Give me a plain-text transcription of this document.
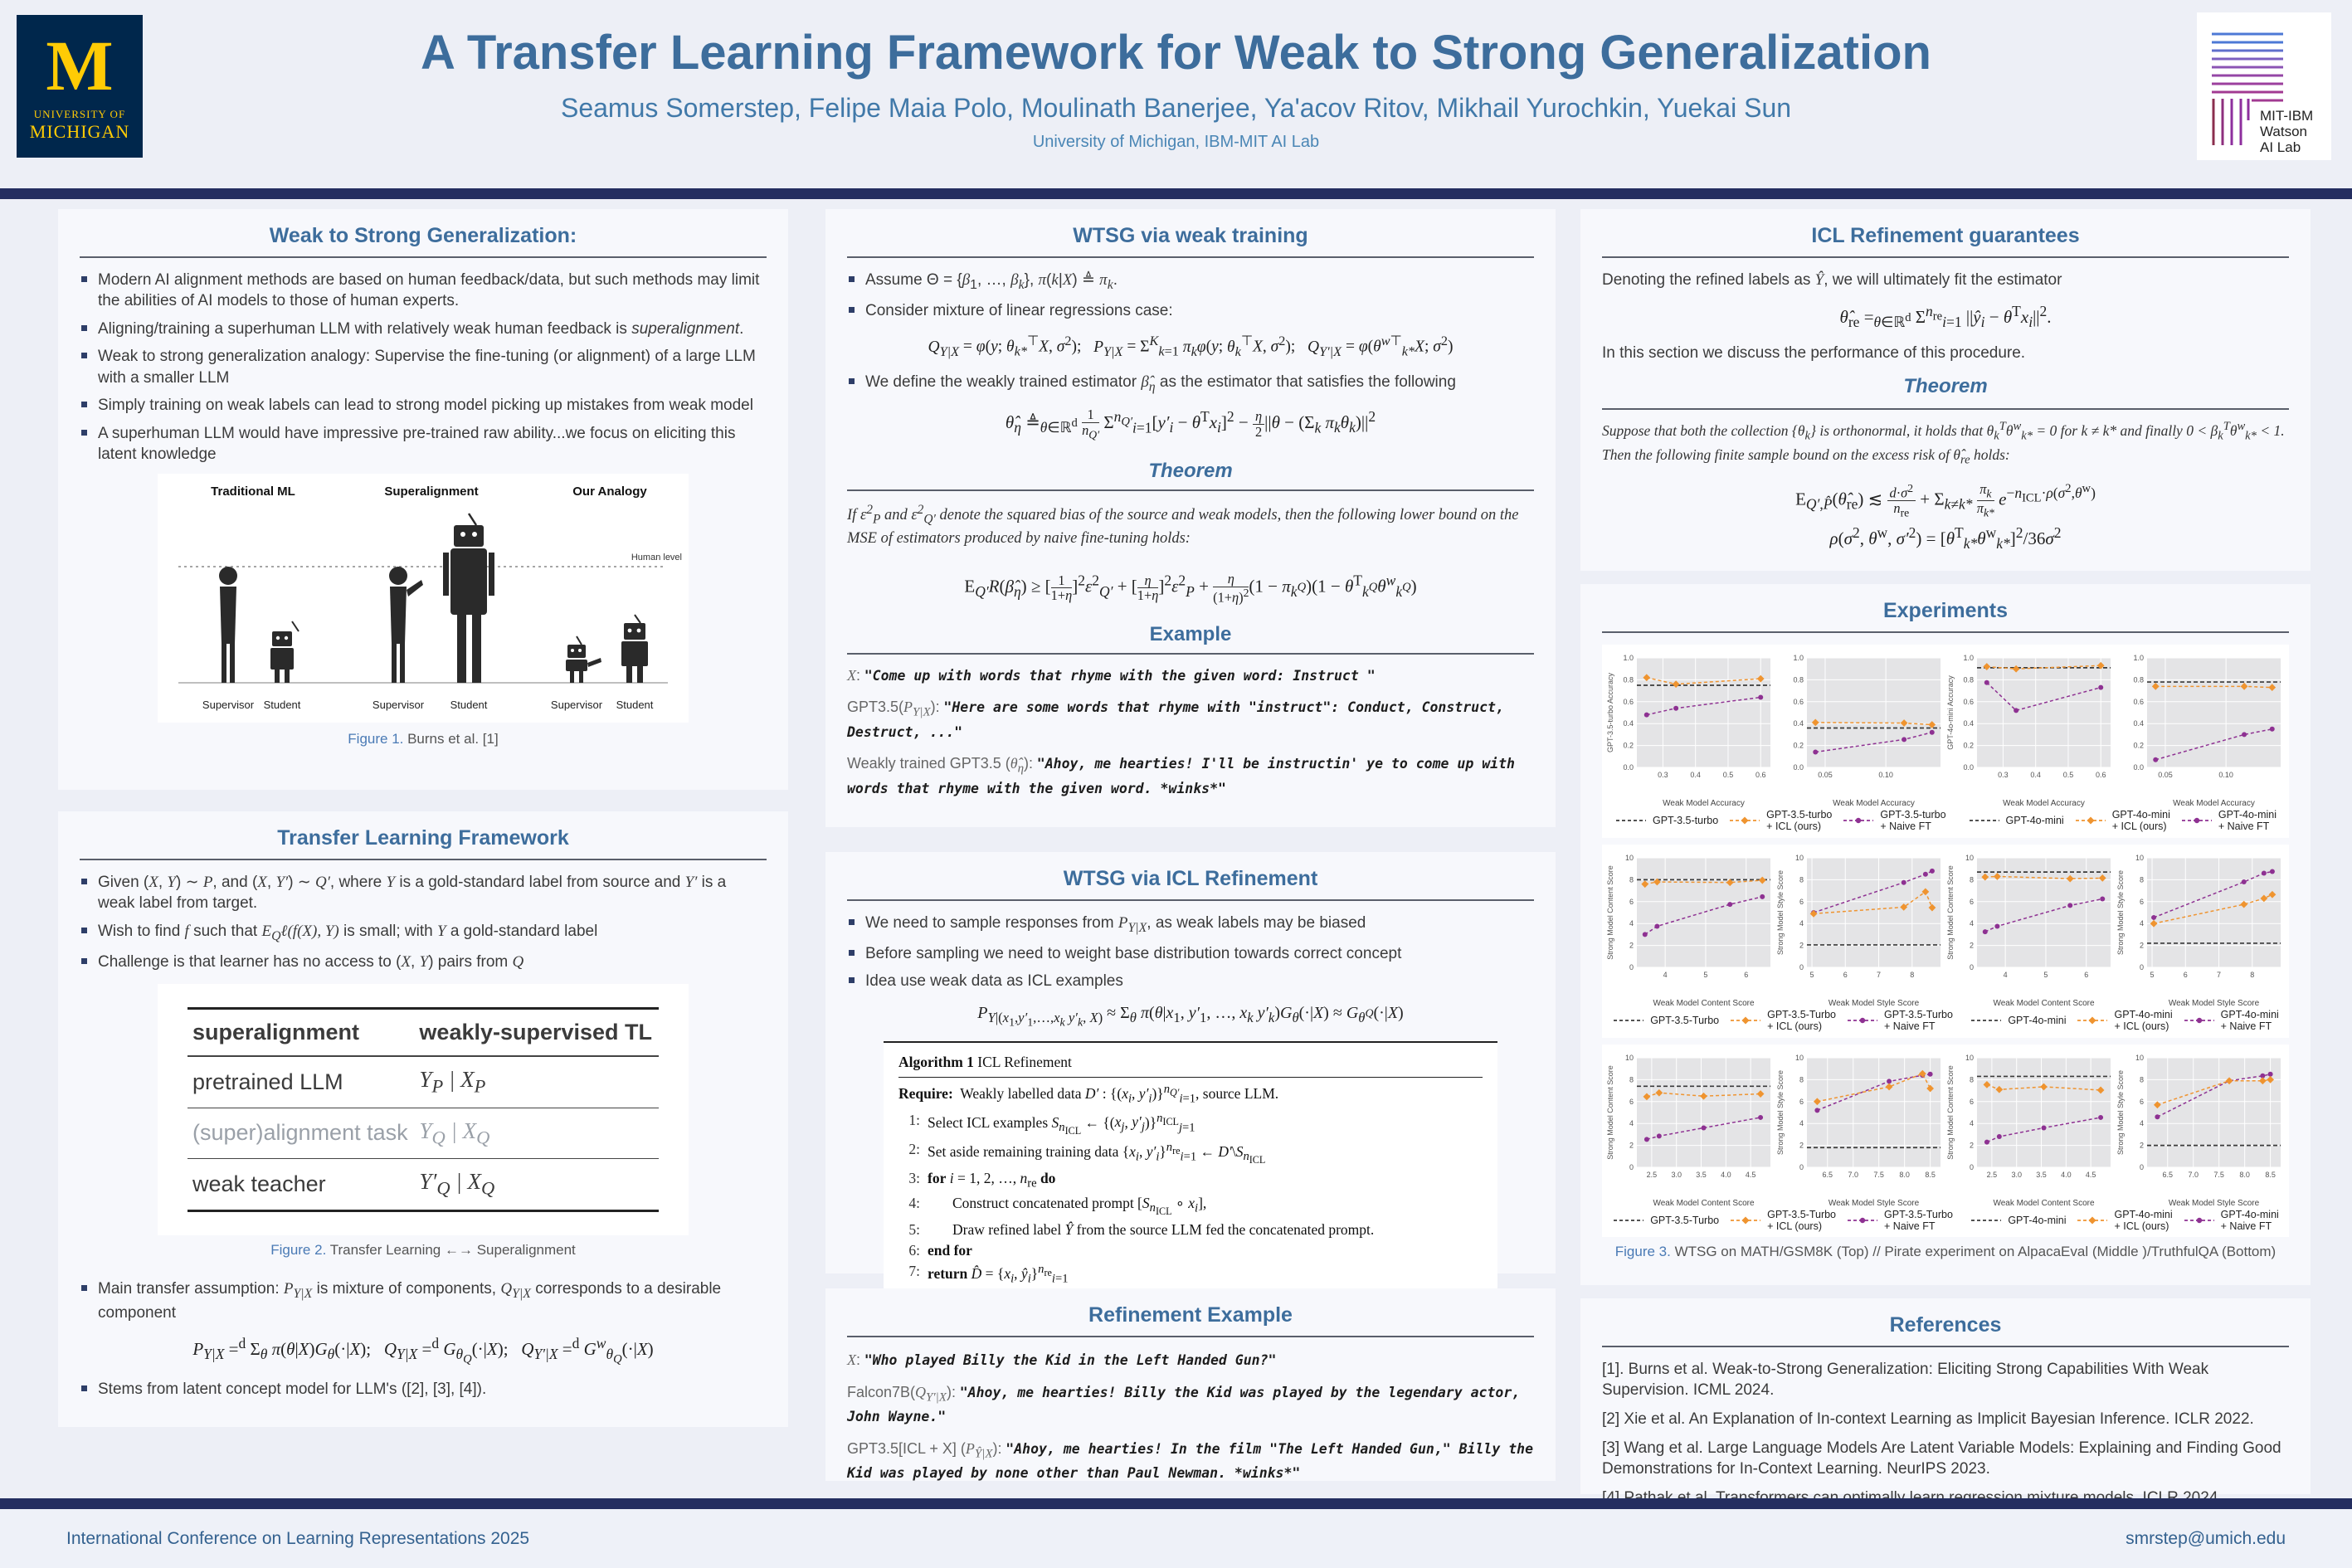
M
UNIVERSITY OF
MICHIGAN
A Transfer Learning Framework for Weak to Strong Generalization
Seamus Somerstep, Felipe Maia Polo, Moulinath Banerjee, Ya'acov Ritov, Mikhail Yurochkin, Yuekai Sun
University of Michigan, IBM-MIT AI Lab
MIT-IBM
Watson
AI Lab
Weak to Strong Generalization:
Modern AI alignment methods are based on human feedback/data, but such methods may limit the abilities of AI models to those of human experts.
Aligning/training a superhuman LLM with relatively weak human feedback is superalignment.
Weak to strong generalization analogy: Supervise the fine-tuning (or alignment) of a large LLM with a smaller LLM
Simply training on weak labels can lead to strong model picking up mistakes from weak model
A superhuman LLM would have impressive pre-trained raw ability...we focus on eliciting this latent knowledge
Traditional ML	Superalignment	Our Analogy
Human level
Supervisor Student	Supervisor Student	Supervisor Student
Figure 1. Burns et al. [1]
Transfer Learning Framework
Given (X, Y) ∼ P, and (X, Y′) ∼ Q′, where Y is a gold-standard label from source and Y′ is a weak label from target.
Wish to find f such that $E_Q\ell(f(X)$, Y) is small; with Y a gold-standard label
Challenge is that learner has no access to (X, Y) pairs from Q
superalignment	weakly-supervised TL
pretrained LLM	$Y_P$ | $X_P$
(super)alignment task	$Y_Q$ | $X_Q$
weak teacher	$Y'_Q$ | $X_Q$
Figure 2. Transfer Learning ←→ Superalignment
Main transfer assumption: $P_{Y|X}$ is mixture of components, $Q_{Y|X}$ corresponds to a desirable component
$P_{Y|X} =^d$ $\Sigma_\theta$ $\pi(\theta|X)G_\theta(\cdot|X)$;   $Q_{Y|X} =^d$ $G_{\theta_Q}(\cdot|X)$;   $Q_{Y'|X} =^d$ $G^w_{\theta_Q}(\cdot|X)$
Stems from latent concept model for LLM's ([2], [3], [4]).
WTSG via weak training
Assume $\Theta = \{\beta_1$, …, $\beta_k$}, π(k|X) ≜ $\pi_k$.
Consider mixture of linear regressions case:
$Q_{Y|X} = \varphi(y$; $\theta_{k*}^⊤X$, $\sigma^2$);   $P_{Y|X} = \Sigma^K_{k=1}$ $\pi_k\varphi(y$; $\theta_k^⊤X$, $\sigma^2$);   $Q_{Y'|X} = \varphi(\theta^{w⊤}_{k*}X$; $\sigma^2$)
We define the weakly trained estimator $\betâ_\eta$ as the estimator that satisfies the following
$\thetâ_\eta$ $≜_{\theta\in ℝ^d} \frac{1}{n_{Q'}} \Sigma^{n_{Q'}}_{i=1}[y'_i - \theta^Tx_i]^2 - \frac{\eta}{2} ||\theta - (\Sigma_k$ $\pi_k\theta_k)||^2$
Theorem
If $\varepsilon^2_P$ and $\varepsilon^2_{Q'}$ denote the squared bias of the source and weak models, then the following lower bound on the MSE of estimators produced by naive fine-tuning holds:
$E_{Q'}R(\betâ_\eta)$ ≥ [ $\frac{1}{1+\eta} ]^2\varepsilon^2_{Q'}$ + [ $\frac{\eta}{1+\eta} ]^2\varepsilon^2_P + \frac{\eta}{(1+\eta)^2} (1 - \pi_{k^Q})(1 - \theta^T_{k^Q}\theta^w_{k^Q})$
Example
X: "Come up with words that rhyme with the given word: Instruct "
$GPT3.5(P_{Y|X})$: "Here are some words that rhyme with "instruct": Conduct, Construct, Destruct, ..."
Weakly trained GPT3.5 $(\thetâ_\eta)$: "Ahoy, me hearties! I'll be instructin' ye to come up with words that rhyme with the given word. *winks*"
WTSG via ICL Refinement
We need to sample responses from $P_{Y|X}$, as weak labels may be biased
Before sampling we need to weight base distribution towards correct concept
Idea use weak data as ICL examples
$P_{Y|(x_1,y'_1,\dots,x_k y'_k, X)} \approx \Sigma_\theta$ $\pi(\theta|x_1$, $y'_1$, …, $x_k$ $y'_k)G_\theta(\cdot|X) \approx G_{\theta^Q}(\cdot|X)$
Algorithm 1 ICL Refinement
Require:  Weakly labelled data D′ : {($x_i$, $y'_i)\}^{n_{Q'}}_{i=1}$, source LLM.
1: Select ICL examples $S_{n_{ICL}}$ ← {($x_j$, $y'_j)\}^{n_{ICL}}_{j=1}$
2: Set aside remaining training data {$x_i$, $y'_i\}^{n_{re}}_{i=1}$ ← $D'\backslash S_{n_{ICL}}$
3: for i = 1, 2, …, $n_{re}$ do
4:	Construct concatenated prompt [$S_{n_{ICL}}$ ∘ $x_i$],
5:	Draw refined label Ŷ from the source LLM fed the concatenated prompt.
6: end for
7: return D̂ = {$x_i$, $ŷ_i\}^{n_{re}}_{i=1}$
Refinement Example
X: "Who played Billy the Kid in the Left Handed Gun?"
$Falcon7B(Q_{Y'|X})$: "Ahoy, me hearties! Billy the Kid was played by the legendary actor, John Wayne."
GPT3.5[ICL + X] $(P_{Ŷ|X})$: "Ahoy, me hearties! In the film "The Left Handed Gun," Billy the Kid was played by none other than Paul Newman. *winks*"
ICL Refinement guarantees
Denoting the refined labels as Ŷ, we will ultimately fit the estimator
$\thetâ_{re} =_{\theta\in ℝ^d}$ $\Sigma^{n_{re}}_{i=1}$ $||ŷ_i - \theta^Tx_i||^2$.
In this section we discuss the performance of this procedure.
Theorem
Suppose that both the collection $\{\theta_k\}$ is orthonormal, it holds that $\theta_k^T\theta^w_{k*} = 0$ for k ≠ k* and finally $0 < \beta_k^T\theta^w_{k*} < 1$. Then the following finite sample bound on the excess risk of $\thetâ_{re}$ holds:
$E_{Q',P̂}(\thetâ_{re})$ ≲ $\frac{d\cdot\sigma^2}{n_{re}} + \Sigma_{k\ne k*} \frac{\pi_k}{\pi_{k*}} e^{-n_{ICL}\cdot\rho(\sigma^2,\theta^w)}$
$\rho(\sigma^2$, $\theta^w$, $\sigma'^2) = [\theta^T_{k*}\theta^w_{k*}]^2/36\sigma^2$
Experiments
0.0
0.2
0.4
0.6
0.8
1.0
0.3	0.4	0.5	0.6
GPT-3.5-turbo Accuracy
Weak Model Accuracy
0.0
0.2
0.4
0.6
0.8
1.0
0.05	0.10
Weak Model Accuracy
0.0
0.2
0.4
0.6
0.8
1.0
0.3	0.4	0.5	0.6
GPT-4o-mini Accuracy
Weak Model Accuracy
0.0
0.2
0.4
0.6
0.8
1.0
0.05	0.10
Weak Model Accuracy
GPT-3.5-turbo
GPT-3.5-turbo
+ ICL (ours)
GPT-3.5-turbo
+ Naive FT
GPT-4o-mini
GPT-4o-mini
+ ICL (ours)
GPT-4o-mini
+ Naive FT
0
2
4
6
8
10
4	5	6
Strong Model Content Score
Weak Model Content Score
0
2
4
6
8
10
5	6	7	8
Strong Model Style Score
Weak Model Style Score
0
2
4
6
8
10
4	5	6
Strong Model Content Score
Weak Model Content Score
0
2
4
6
8
10
5	6	7	8
Strong Model Style Score
Weak Model Style Score
GPT-3.5-Turbo
GPT-3.5-Turbo
+ ICL (ours)
GPT-3.5-Turbo
+ Naive FT
GPT-4o-mini
GPT-4o-mini
+ ICL (ours)
GPT-4o-mini
+ Naive FT
0
2
4
6
8
10
2.5 3.0 3.5 4.0 4.5
Strong Model Content Score
Weak Model Content Score
0
2
4
6
8
10
6.5 7.0 7.5 8.0 8.5
Strong Model Style Score
Weak Model Style Score
0
2
4
6
8
10
2.5 3.0 3.5 4.0 4.5
Strong Model Content Score
Weak Model Content Score
0
2
4
6
8
10
6.5 7.0 7.5 8.0 8.5
Strong Model Style Score
Weak Model Style Score
GPT-3.5-Turbo
GPT-3.5-Turbo
+ ICL (ours)
GPT-3.5-Turbo
+ Naive FT
GPT-4o-mini
GPT-4o-mini
+ ICL (ours)
GPT-4o-mini
+ Naive FT
Figure 3. WTSG on MATH/GSM8K (Top) // Pirate experiment on AlpacaEval (Middle )/TruthfulQA (Bottom)
References

[1]. Burns et al. Weak-to-Strong Generalization: Eliciting Strong Capabilities With Weak Supervision. ICML 2024.

[2] Xie et al. An Explanation of In-context Learning as Implicit Bayesian Inference. ICLR 2022.

[3] Wang et al. Large Language Models Are Latent Variable Models: Explaining and Finding Good Demonstrations for In-Context Learning. NeurIPS 2023.

International Conference on Learning Representations 2025	smrstep@umich.edu
